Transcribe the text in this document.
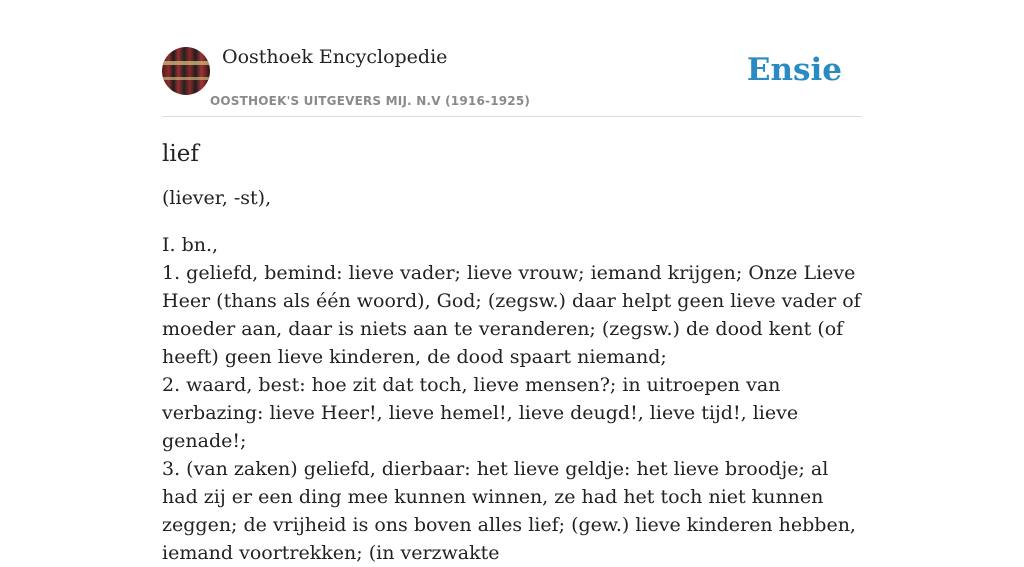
Oosthoek Encyclopedie
OOSTHOEK'S UITGEVERS MIJ. N.V (1916-1925)
Ensie
lief
(liever, -st),
I. bn.,
1. geliefd, bemind: lieve vader; lieve vrouw; iemand krijgen; Onze Lieve Heer (thans als één woord), God; (zegsw.) daar helpt geen lieve vader of moeder aan, daar is niets aan te veranderen; (zegsw.) de dood kent (of heeft) geen lieve kinderen, de dood spaart niemand;
2. waard, best: hoe zit dat toch, lieve mensen?; in uitroepen van verbazing: lieve Heer!, lieve hemel!, lieve deugd!, lieve tijd!, lieve genade!;
3. (van zaken) geliefd, dierbaar: het lieve geldje: het lieve broodje; al had zij er een ding mee kunnen winnen, ze had het toch niet kunnen zeggen; de vrijheid is ons boven alles lief; (gew.) lieve kinderen hebben, iemand voortrekken; (in verzwakte
